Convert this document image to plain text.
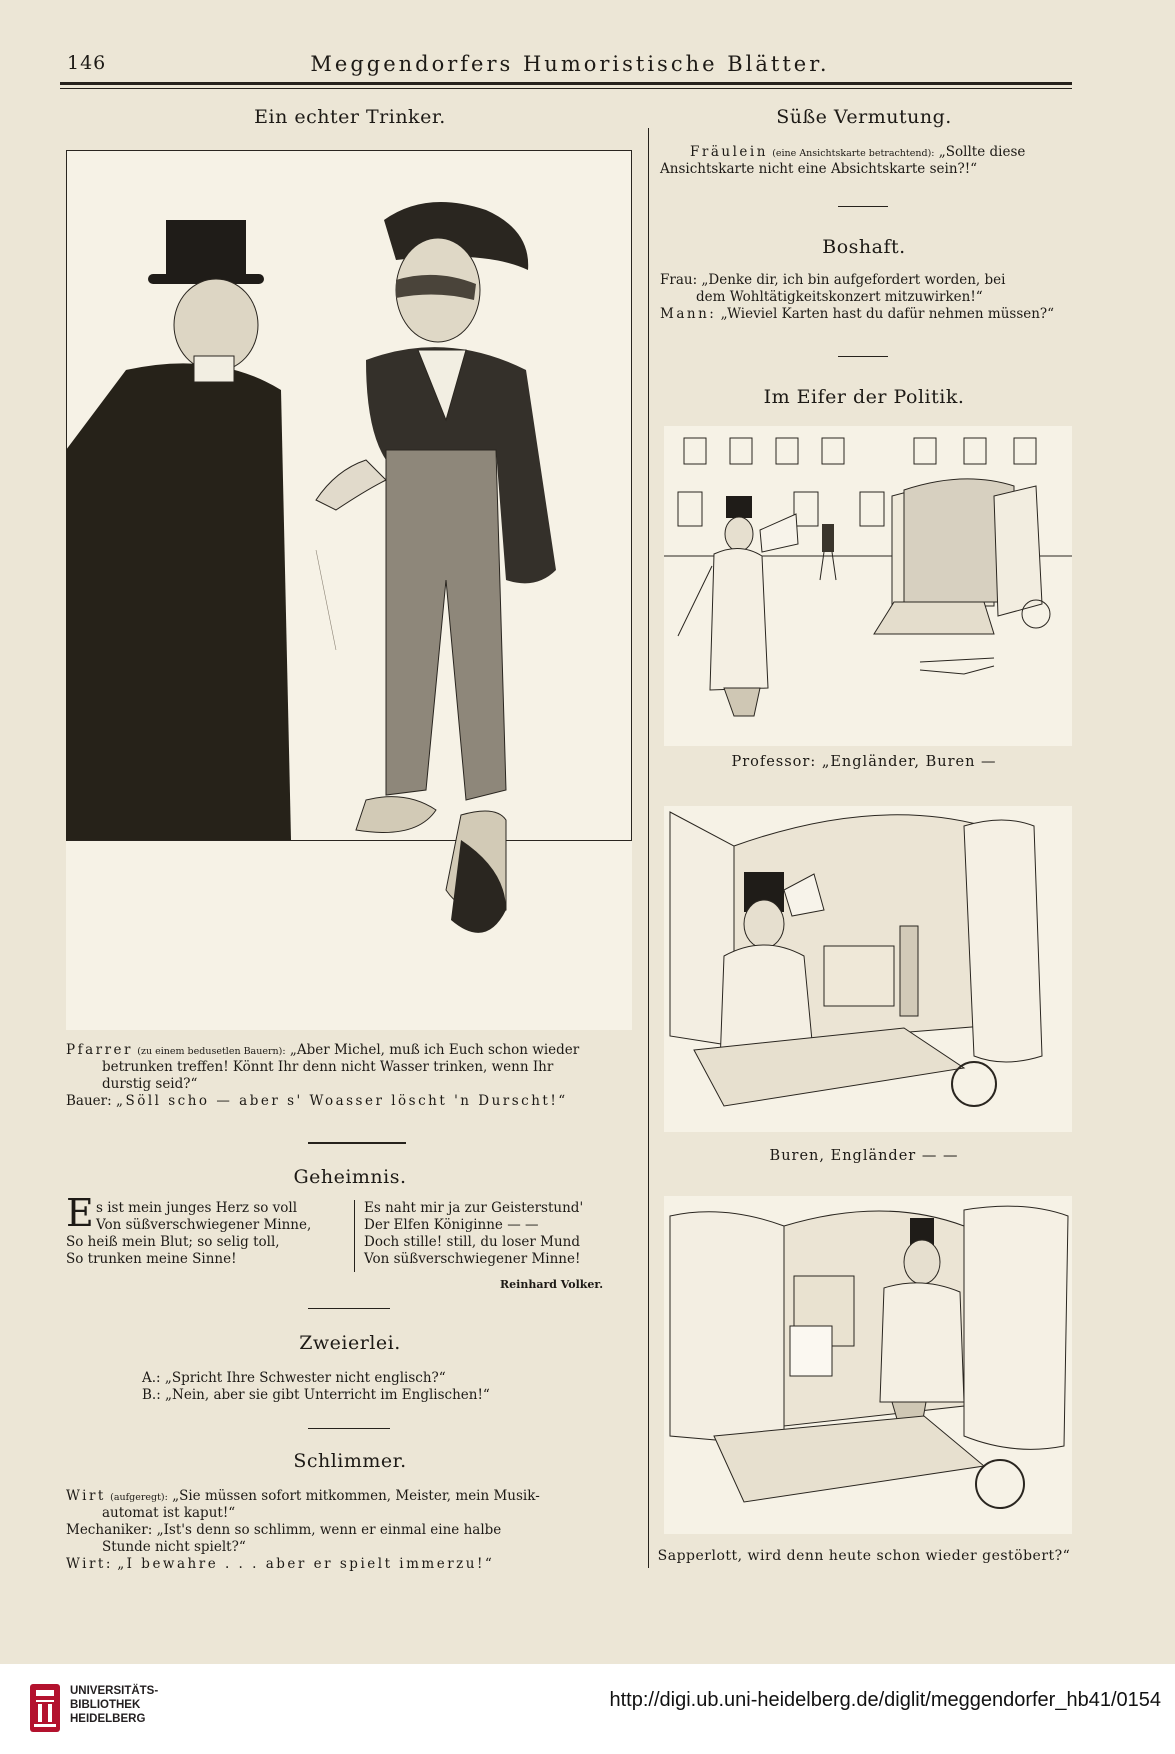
146	Meggendorfers Humoristische Blätter.
Ein echter Trinker.
Pfarrer (zu einem bedusetlen Bauern): „Aber Michel, muß ich Euch schon wieder
betrunken treffen! Könnt Ihr denn nicht Wasser trinken, wenn Ihr
durstig seid?“
Bauer: „Söll scho — aber s' Woasser löscht 'n Durscht!“
Geheimnis.
E s ist mein junges Herz so voll
Von süßverschwiegener Minne,
So heiß mein Blut; so selig toll,
So trunken meine Sinne!
Es naht mir ja zur Geisterstund'
Der Elfen Königinne — —
Doch stille! still, du loser Mund
Von süßverschwiegener Minne!
Reinhard Volker.
Zweierlei.
A.: „Spricht Ihre Schwester nicht englisch?“
B.: „Nein, aber sie gibt Unterricht im Englischen!“
Schlimmer.
Wirt (aufgeregt): „Sie müssen sofort mitkommen, Meister, mein Musik-
automat ist kaput!“
Mechaniker: „Ist's denn so schlimm, wenn er einmal eine halbe
Stunde nicht spielt?“
Wirt: „I bewahre . . . aber er spielt immerzu!“
Süße Vermutung.
Fräulein (eine Ansichtskarte betrachtend): „Sollte diese
Ansichtskarte nicht eine Absichtskarte sein?!“
Boshaft.
Frau: „Denke dir, ich bin aufgefordert worden, bei
dem Wohltätigkeitskonzert mitzuwirken!“
Mann: „Wieviel Karten hast du dafür nehmen müssen?“
Im Eifer der Politik.
Professor: „Engländer, Buren —
Buren, Engländer — —
Sapperlott, wird denn heute schon wieder gestöbert?“
UNIVERSITÄTS-
BIBLIOTHEK
HEIDELBERG
http://digi.ub.uni-heidelberg.de/diglit/meggendorfer_hb41/0154
